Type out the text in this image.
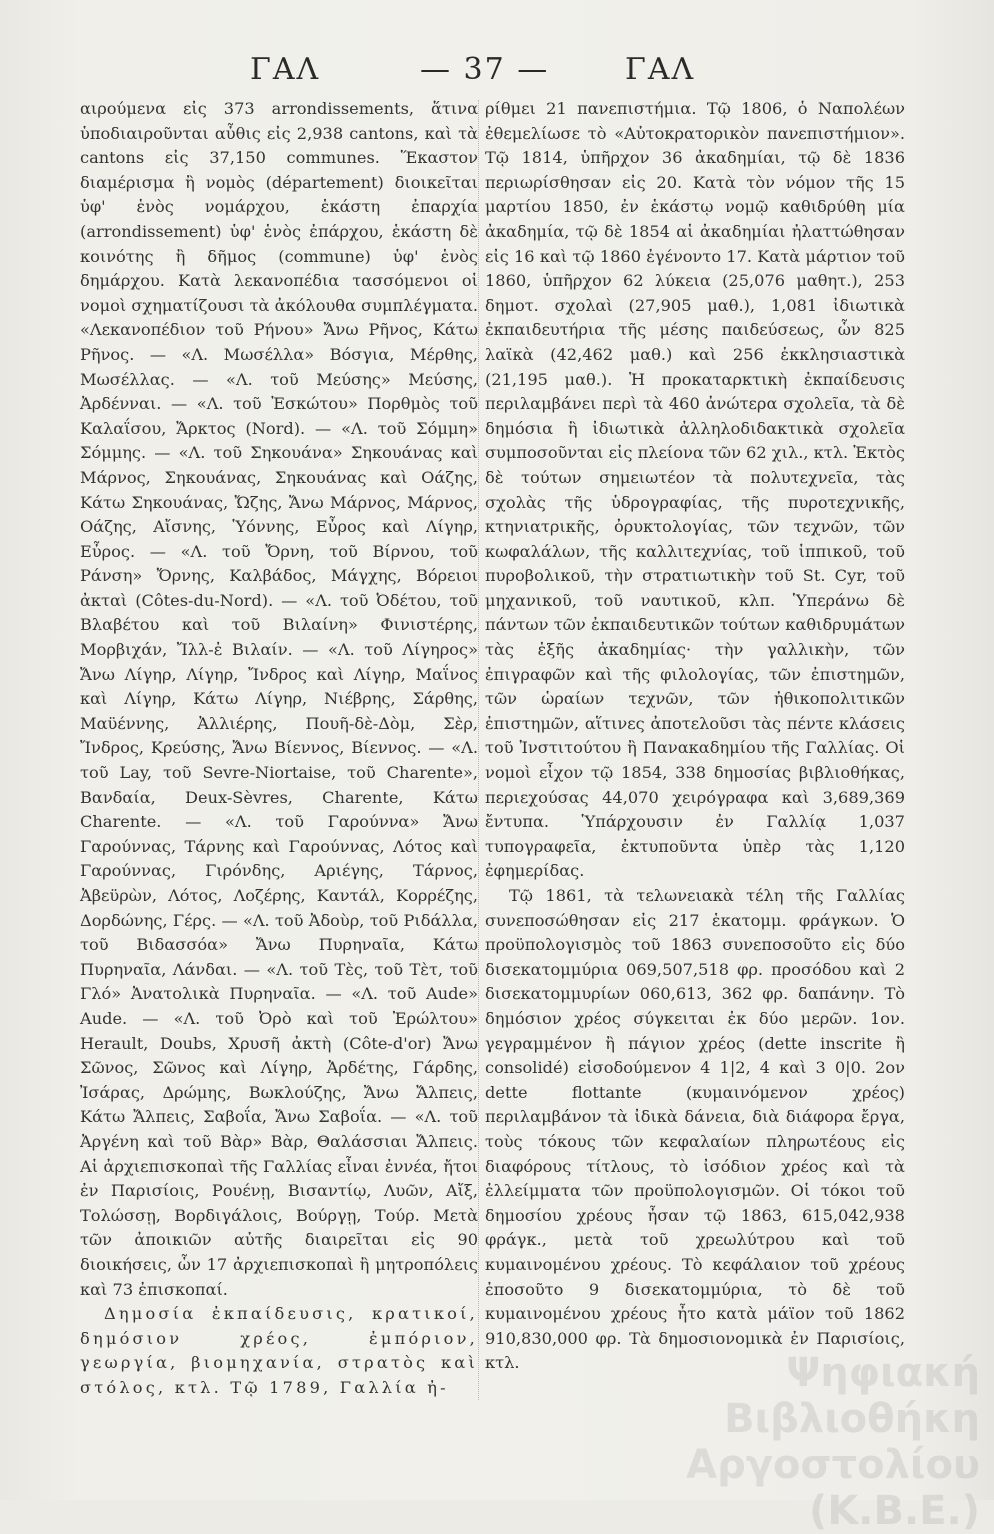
ΓΑΛ	— 37 —	ΓΑΛ

αιρούμενα εἰς 373 arrondissements, ἅτινα ὑποδιαιροῦνται αὖθις εἰς 2,938 cantons, καὶ τὰ cantons εἰς 37,150 communes. Ἕκαστον διαμέρισμα ἢ νομὸς (département) διοικεῖται ὑφ' ἑνὸς νομάρχου, ἑκάστη ἐπαρχία (arrondissement) ὑφ' ἑνὸς ἐπάρχου, ἑκάστη δὲ κοινότης ἢ δῆμος (commune) ὑφ' ἑνὸς δημάρχου. Κατὰ λεκανοπέδια τασσόμενοι οἱ νομοὶ σχηματίζουσι τὰ ἀκόλουθα συμπλέγματα. «Λεκανοπέδιον τοῦ Ρήνου» Ἄνω Ρῆνος, Κάτω Ρῆνος. — «Λ. Μωσέλλα» Βόσγια, Μέρθης, Μωσέλλας. — «Λ. τοῦ Μεύσης» Μεύσης, Ἀρδένναι. — «Λ. τοῦ Ἐσκώτου» Πορθμὸς τοῦ Καλαΐσου, Ἄρκτος (Nord). — «Λ. τοῦ Σόμμη» Σόμμης. — «Λ. τοῦ Σηκουάνα» Σηκουάνας καὶ Μάρνος, Σηκουάνας, Σηκουάνας καὶ Οάζης, Κάτω Σηκουάνας, Ὤζης, Ἄνω Μάρνος, Μάρνος, Οάζης, Αἴσνης, Ὑόννης, Εὖρος καὶ Λίγηρ, Εὖρος. — «Λ. τοῦ Ὄρνη, τοῦ Βίρνου, τοῦ Ράνση» Ὄρνης, Καλβάδος, Μάγχης, Βόρειοι ἀκταὶ (Côtes-du-Nord). — «Λ. τοῦ Ὀδέτου, τοῦ Βλαβέτου καὶ τοῦ Βιλαίνη» Φινιστέρης, Μορβιχάν, Ἴλλ-ἐ Βιλαίν. — «Λ. τοῦ Λίγηρος» Ἄνω Λίγηρ, Λίγηρ, Ἴνδρος καὶ Λίγηρ, Μαΐνος καὶ Λίγηρ, Κάτω Λίγηρ, Νιέβρης, Σάρθης, Μαϋέννης, Ἀλλιέρης, Πουῆ-δὲ-Δὸμ, Σὲρ, Ἴνδρος, Κρεύσης, Ἄνω Βίεννος, Βίεννος. — «Λ. τοῦ Lay, τοῦ Sevre-Niortaise, τοῦ Charente», Βανδαία, Deux-Sèvres, Charente, Κάτω Charente. — «Λ. τοῦ Γαρούννα» Ἄνω Γαρούννας, Τάρνης καὶ Γαρούννας, Λότος καὶ Γαρούννας, Γιρόνδης, Αριέγης, Τάρνος, Ἀβεϋρὼν, Λότος, Λοζέρης, Καντάλ, Κορρέζης, Δορδώνης, Γέρς. — «Λ. τοῦ Ἀδοὺρ, τοῦ Ριδάλλα, τοῦ Βιδασσόα» Ἄνω Πυρηναῖα, Κάτω Πυρηναῖα, Λάνδαι. — «Λ. τοῦ Τὲς, τοῦ Τὲτ, τοῦ Γλό» Ἀνατολικὰ Πυρηναῖα. — «Λ. τοῦ Aude» Aude. — «Λ. τοῦ Ὀρὸ καὶ τοῦ Ἐρώλτου» Herault, Doubs, Χρυσῆ ἀκτὴ (Côte-d'or) Ἄνω Σῶνος, Σῶνος καὶ Λίγηρ, Ἀρδέτης, Γάρδης, Ἰσάρας, Δρώμης, Βωκλούζης, Ἄνω Ἄλπεις, Κάτω Ἄλπεις, Σαβοΐα, Ἄνω Σαβοΐα. — «Λ. τοῦ Ἀργένη καὶ τοῦ Βὰρ» Βὰρ, Θαλάσσιαι Ἄλπεις. Αἱ ἀρχιεπισκοπαὶ τῆς Γαλλίας εἶναι ἐννέα, ἤτοι ἐν Παρισίοις, Ρουένῃ, Βισαντίῳ, Λυῶν, Αἴξ, Τολώσσῃ, Βορδιγάλοις, Βούργῃ, Τούρ. Μετὰ τῶν ἀποικιῶν αὐτῆς διαιρεῖται εἰς 90 διοικήσεις, ὧν 17 ἀρχιεπισκοπαὶ ἢ μητροπόλεις καὶ 73 ἐπισκοπαί.

Δημοσία ἐκπαίδευσις, κρατικοί, δημόσιον χρέος, ἐμπόριον, γεωργία, βιομηχανία, στρατὸς καὶ στόλος, κτλ. Τῷ 1789, Γαλλία ἠ-

ρίθμει 21 πανεπιστήμια. Τῷ 1806, ὁ Ναπολέων ἐθεμελίωσε τὸ «Αὐτοκρατορικὸν πανεπιστήμιον». Τῷ 1814, ὑπῆρχον 36 ἀκαδημίαι, τῷ δὲ 1836 περιωρίσθησαν εἰς 20. Κατὰ τὸν νόμον τῆς 15 μαρτίου 1850, ἐν ἑκάστῳ νομῷ καθιδρύθη μία ἀκαδημία, τῷ δὲ 1854 αἱ ἀκαδημίαι ἠλαττώθησαν εἰς 16 καὶ τῷ 1860 ἐγένοντο 17. Κατὰ μάρτιον τοῦ 1860, ὑπῆρχον 62 λύκεια (25,076 μαθητ.), 253 δημοτ. σχολαὶ (27,905 μαθ.), 1,081 ἰδιωτικὰ ἐκπαιδευτήρια τῆς μέσης παιδεύσεως, ὧν 825 λαϊκὰ (42,462 μαθ.) καὶ 256 ἐκκλησιαστικὰ (21,195 μαθ.). Ἡ προκαταρκτικὴ ἐκπαίδευσις περιλαμβάνει περὶ τὰ 460 ἀνώτερα σχολεῖα, τὰ δὲ δημόσια ἢ ἰδιωτικὰ ἀλληλοδιδακτικὰ σχολεῖα συμποσοῦνται εἰς πλείονα τῶν 62 χιλ., κτλ. Ἐκτὸς δὲ τούτων σημειωτέον τὰ πολυτεχνεῖα, τὰς σχολὰς τῆς ὑδρογραφίας, τῆς πυροτεχνικῆς, κτηνιατρικῆς, ὀρυκτολογίας, τῶν τεχνῶν, τῶν κωφαλάλων, τῆς καλλιτεχνίας, τοῦ ἱππικοῦ, τοῦ πυροβολικοῦ, τὴν στρατιωτικὴν τοῦ St. Cyr, τοῦ μηχανικοῦ, τοῦ ναυτικοῦ, κλπ. Ὑπεράνω δὲ πάντων τῶν ἐκπαιδευτικῶν τούτων καθιδρυμάτων τὰς ἑξῆς ἀκαδημίας· τὴν γαλλικὴν, τῶν ἐπιγραφῶν καὶ τῆς φιλολογίας, τῶν ἐπιστημῶν, τῶν ὡραίων τεχνῶν, τῶν ἠθικοπολιτικῶν ἐπιστημῶν, αἵτινες ἀποτελοῦσι τὰς πέντε κλάσεις τοῦ Ἰνστιτούτου ἢ Πανακαδημίου τῆς Γαλλίας. Οἱ νομοὶ εἶχον τῷ 1854, 338 δημοσίας βιβλιοθήκας, περιεχούσας 44,070 χειρόγραφα καὶ 3,689,369 ἔντυπα. Ὑπάρχουσιν ἐν Γαλλίᾳ 1,037 τυπογραφεῖα, ἐκτυποῦντα ὑπὲρ τὰς 1,120 ἐφημερίδας.

Τῷ 1861, τὰ τελωνειακὰ τέλη τῆς Γαλλίας συνεποσώθησαν εἰς 217 ἑκατομμ. φράγκων. Ὁ προϋπολογισμὸς τοῦ 1863 συνεποσοῦτο εἰς δύο δισεκατομμύρια 069,507,518 φρ. προσόδου καὶ 2 δισεκατομμυρίων 060,613, 362 φρ. δαπάνην. Τὸ δημόσιον χρέος σύγκειται ἐκ δύο μερῶν. 1ον. γεγραμμένον ἢ πάγιον χρέος (dette inscrite ἢ consolidé) εἰσοδούμενον 4 1|2, 4 καὶ 3 0|0. 2ον dette flottante (κυμαινόμενον χρέος) περιλαμβάνον τὰ ἰδικὰ δάνεια, διὰ διάφορα ἔργα, τοὺς τόκους τῶν κεφαλαίων πληρωτέους εἰς διαφόρους τίτλους, τὸ ἰσόδιον χρέος καὶ τὰ ἐλλείμματα τῶν προϋπολογισμῶν. Οἱ τόκοι τοῦ δημοσίου χρέους ἦσαν τῷ 1863, 615,042,938 φράγκ., μετὰ τοῦ χρεωλύτρου καὶ τοῦ κυμαινομένου χρέους. Τὸ κεφάλαιον τοῦ χρέους ἐποσοῦτο 9 δισεκατομμύρια, τὸ δὲ τοῦ κυμαινομένου χρέους ἦτο κατὰ μάϊον τοῦ 1862 910,830,000 φρ. Τὰ δημοσιονομικὰ ἐν Παρισίοις, κτλ.	Ψηφιακή Βιβλιοθήκη Αργοστολίου (Κ.Β.Ε.)
